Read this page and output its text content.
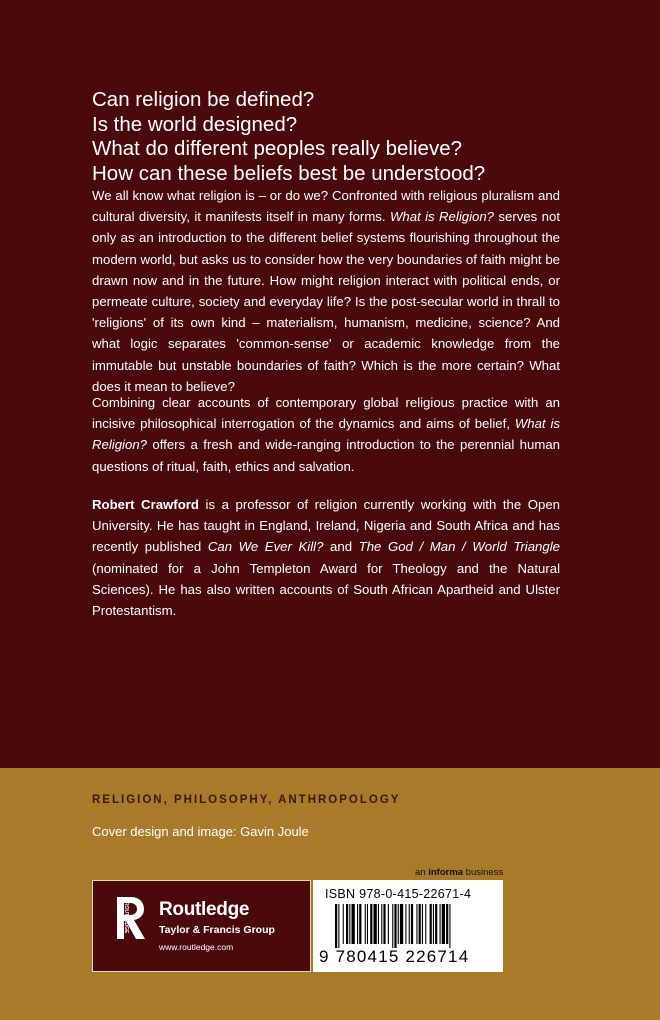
Can religion be defined?
Is the world designed?
What do different peoples really believe?
How can these beliefs best be understood?
We all know what religion is – or do we? Confronted with religious pluralism and cultural diversity, it manifests itself in many forms. What is Religion? serves not only as an introduction to the different belief systems flourishing throughout the modern world, but asks us to consider how the very boundaries of faith might be drawn now and in the future. How might religion interact with political ends, or permeate culture, society and everyday life? Is the post-secular world in thrall to 'religions' of its own kind – materialism, humanism, medicine, science? And what logic separates 'common-sense' or academic knowledge from the immutable but unstable boundaries of faith? Which is the more certain? What does it mean to believe?
Combining clear accounts of contemporary global religious practice with an incisive philosophical interrogation of the dynamics and aims of belief, What is Religion? offers a fresh and wide-ranging introduction to the perennial human questions of ritual, faith, ethics and salvation.
Robert Crawford is a professor of religion currently working with the Open University. He has taught in England, Ireland, Nigeria and South Africa and has recently published Can We Ever Kill? and The God / Man / World Triangle (nominated for a John Templeton Award for Theology and the Natural Sciences). He has also written accounts of South African Apartheid and Ulster Protestantism.
RELIGION, PHILOSOPHY, ANTHROPOLOGY
Cover design and image: Gavin Joule
an informa business
ROUTLEDGE Routledge
Taylor & Francis Group
www.routledge.com
ISBN 978-0-415-22671-4
9 780415 226714
